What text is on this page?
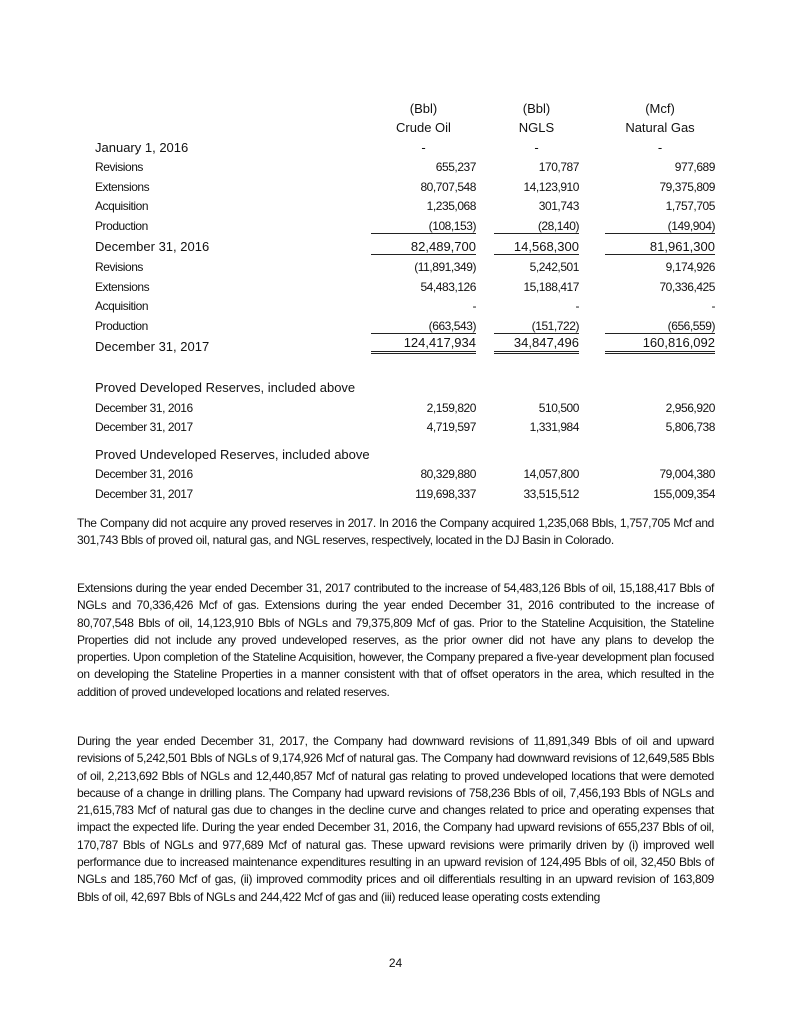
	(Bbl)		(Bbl)		(Mcf)
	Crude Oil		NGLS		Natural Gas
January 1, 2016	-		-		-
Revisions	655,237		170,787		977,689
Extensions	80,707,548		14,123,910		79,375,809
Acquisition	1,235,068		301,743		1,757,705
Production	(108,153)		(28,140)		(149,904)
December 31, 2016	82,489,700		14,568,300		81,961,300
Revisions	(11,891,349)		5,242,501		9,174,926
Extensions	54,483,126		15,188,417		70,336,425
Acquisition	-		-		-
Production	(663,543)		(151,722)		(656,559)
December 31, 2017	124,417,934		34,847,496		160,816,092

Proved Developed Reserves, included above					
December 31, 2016	2,159,820		510,500		2,956,920
December 31, 2017	4,719,597		1,331,984		5,806,738
Proved Undeveloped Reserves, included above					
December 31, 2016	80,329,880		14,057,800		79,004,380
December 31, 2017	119,698,337		33,515,512		155,009,354

The Company did not acquire any proved reserves in 2017. In 2016 the Company acquired 1,235,068 Bbls, 1,757,705 Mcf and 301,743 Bbls of proved oil, natural gas, and NGL reserves, respectively, located in the DJ Basin in Colorado.

Extensions during the year ended December 31, 2017 contributed to the increase of 54,483,126 Bbls of oil, 15,188,417 Bbls of NGLs and 70,336,426 Mcf of gas. Extensions during the year ended December 31, 2016 contributed to the increase of 80,707,548 Bbls of oil, 14,123,910 Bbls of NGLs and 79,375,809 Mcf of gas. Prior to the Stateline Acquisition, the Stateline Properties did not include any proved undeveloped reserves, as the prior owner did not have any plans to develop the properties. Upon completion of the Stateline Acquisition, however, the Company prepared a five-year development plan focused on developing the Stateline Properties in a manner consistent with that of offset operators in the area, which resulted in the addition of proved undeveloped locations and related reserves.

During the year ended December 31, 2017, the Company had downward revisions of 11,891,349 Bbls of oil and upward revisions of 5,242,501 Bbls of NGLs of 9,174,926 Mcf of natural gas. The Company had downward revisions of 12,649,585 Bbls of oil, 2,213,692 Bbls of NGLs and 12,440,857 Mcf of natural gas relating to proved undeveloped locations that were demoted because of a change in drilling plans. The Company had upward revisions of 758,236 Bbls of oil, 7,456,193 Bbls of NGLs and 21,615,783 Mcf of natural gas due to changes in the decline curve and changes related to price and operating expenses that impact the expected life. During the year ended December 31, 2016, the Company had upward revisions of 655,237 Bbls of oil, 170,787 Bbls of NGLs and 977,689 Mcf of natural gas. These upward revisions were primarily driven by (i) improved well performance due to increased maintenance expenditures resulting in an upward revision of 124,495 Bbls of oil, 32,450 Bbls of NGLs and 185,760 Mcf of gas, (ii) improved commodity prices and oil differentials resulting in an upward revision of 163,809 Bbls of oil, 42,697 Bbls of NGLs and 244,422 Mcf of gas and (iii) reduced lease operating costs extending

24
